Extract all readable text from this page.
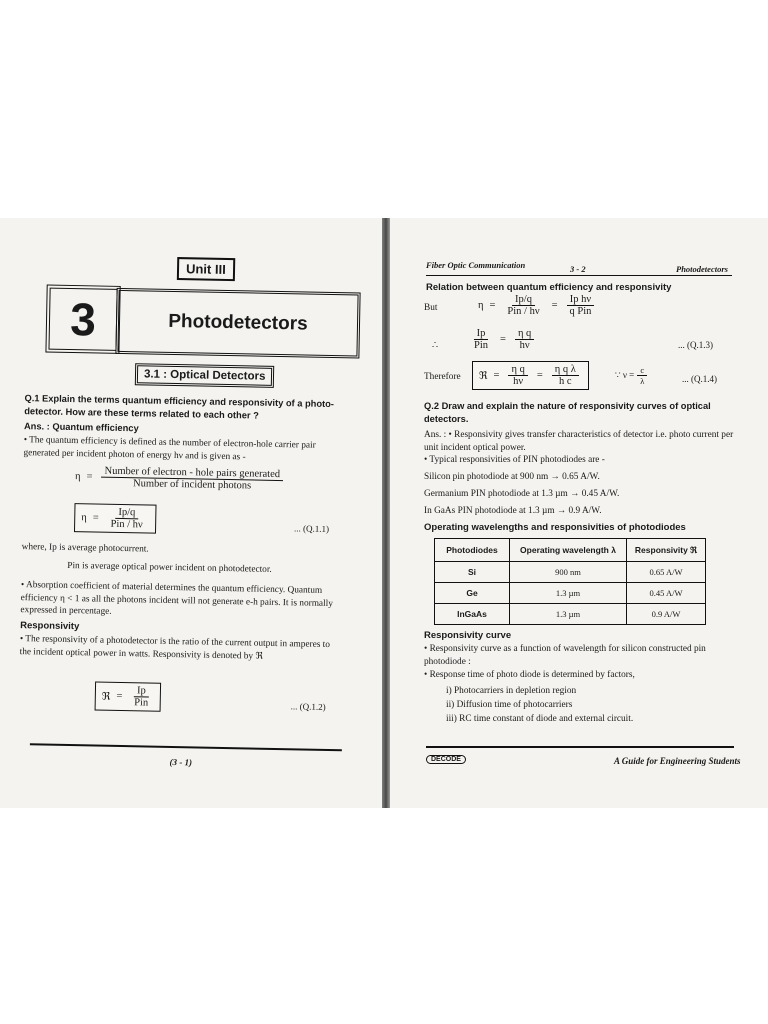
Unit III
3	Photodetectors
3.1 : Optical Detectors
Q.1 Explain the terms quantum efficiency and responsivity of a photo-detector. How are these terms related to each other ?
Ans. : Quantum efficiency
• The quantum efficiency is defined as the number of electron-hole carrier pair generated per incident photon of energy hν and is given as -
$\eta = \frac{\text{Number of electron - hole pairs generated}}{\text{Number of incident photons}}$
$\eta = \frac{Ip/q}{\text{Pin / hν}}$	... (Q.1.1)
where, Ip is average photocurrent.
Pin is average optical power incident on photodetector.
• Absorption coefficient of material determines the quantum efficiency. Quantum efficiency η < 1 as all the photons incident will not generate e-h pairs. It is normally expressed in percentage.
Responsivity
• The responsivity of a photodetector is the ratio of the current output in amperes to the incident optical power in watts. Responsivity is denoted by ℜ
ℜ = $\frac{Ip}{\text{Pin}}$	... (Q.1.2)
(3 - 1)
Fiber Optic Communication	3 - 2	Photodetectors
Relation between quantum efficiency and responsivity
But	$\eta = \frac{Ip/q}{\text{Pin / hν}} = \frac{\text{Ip hν}}{\text{q Pin}}$
∴	$\frac{Ip}{\text{Pin}} = \frac{\text{η q}}{h\nu}$	... (Q.1.3)
Therefore ℜ = $\frac{\text{η q}}{h\nu} = \frac{\text{η q λ}}{\text{h c}}$	∵ $\nu = \frac{c}{\lambda}$	... (Q.1.4)
Q.2 Draw and explain the nature of responsivity curves of optical detectors.
Ans. : • Responsivity gives transfer characteristics of detector i.e. photo current per unit incident optical power.
• Typical responsivities of PIN photodiodes are -
Silicon pin photodiode at 900 nm → 0.65 A/W.
Germanium PIN photodiode at 1.3 µm → 0.45 A/W.
In GaAs PIN photodiode at 1.3 µm → 0.9 A/W.
Operating wavelengths and responsivities of photodiodes
Photodiodes	Operating wavelength λ	Responsivity ℜ
Si	900 nm	0.65 A/W
Ge	1.3 µm	0.45 A/W
InGaAs	1.3 µm	0.9 A/W
Responsivity curve
• Responsivity curve as a function of wavelength for silicon constructed pin photodiode :
• Response time of photo diode is determined by factors,
i) Photocarriers in depletion region
ii) Diffusion time of photocarriers
iii) RC time constant of diode and external circuit.
DECODE	A Guide for Engineering Students
